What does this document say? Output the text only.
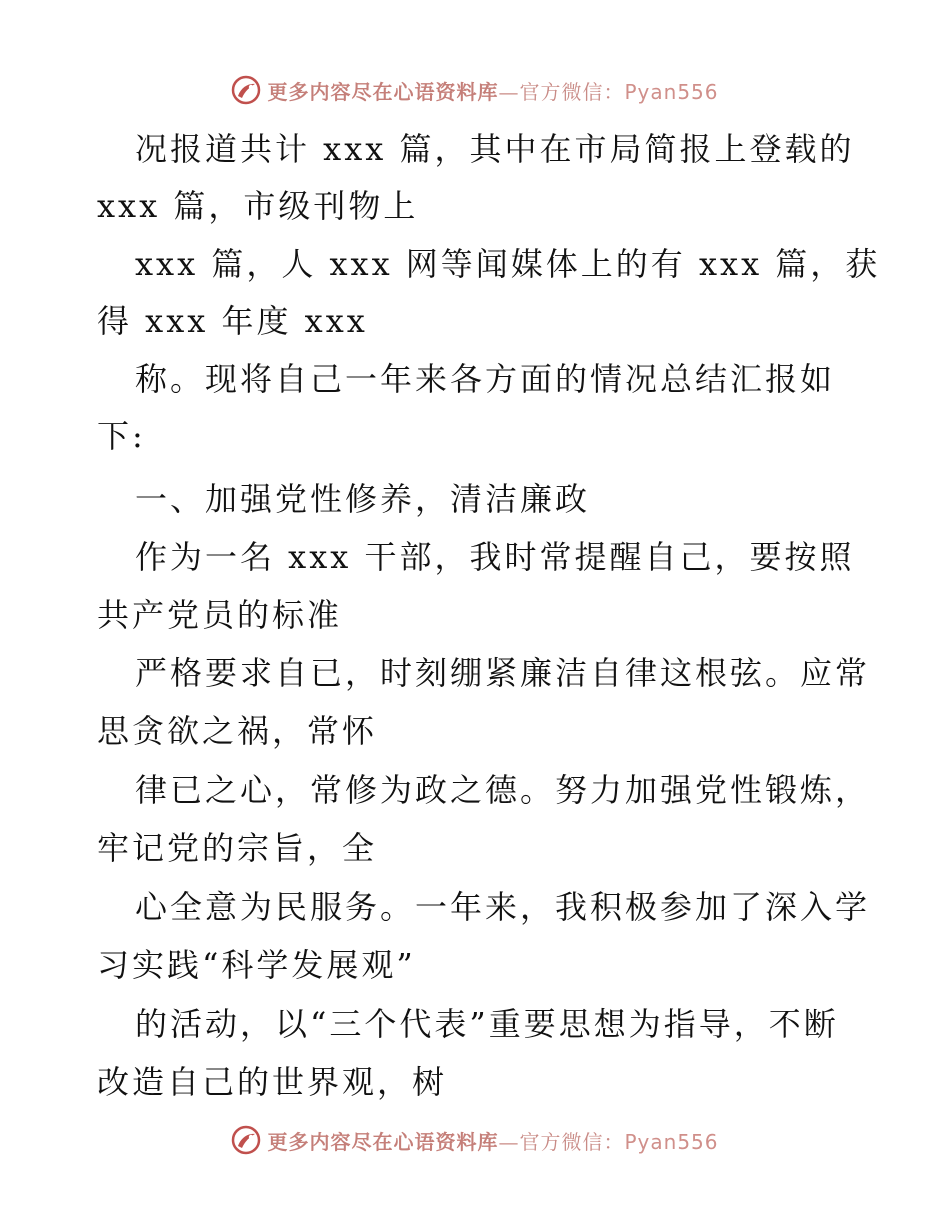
更多内容尽在心语资料库—官方微信：Pyan556
况报道共计 xxx 篇，其中在市局简报上登载的
xxx 篇，市级刊物上
xxx 篇，人 xxx 网等闻媒体上的有 xxx 篇，获
得 xxx 年度 xxx
称。现将自己一年来各方面的情况总结汇报如
下:
一、加强党性修养，清洁廉政
作为一名 xxx 干部，我时常提醒自己，要按照
共产党员的标准
严格要求自已，时刻绷紧廉洁自律这根弦。应常
思贪欲之祸，常怀
律已之心，常修为政之德。努力加强党性锻炼，
牢记党的宗旨，全
心全意为民服务。一年来，我积极参加了深入学
习实践“科学发展观”
的活动，以“三个代表”重要思想为指导，不断
改造自己的世界观，树
更多内容尽在心语资料库—官方微信：Pyan556
